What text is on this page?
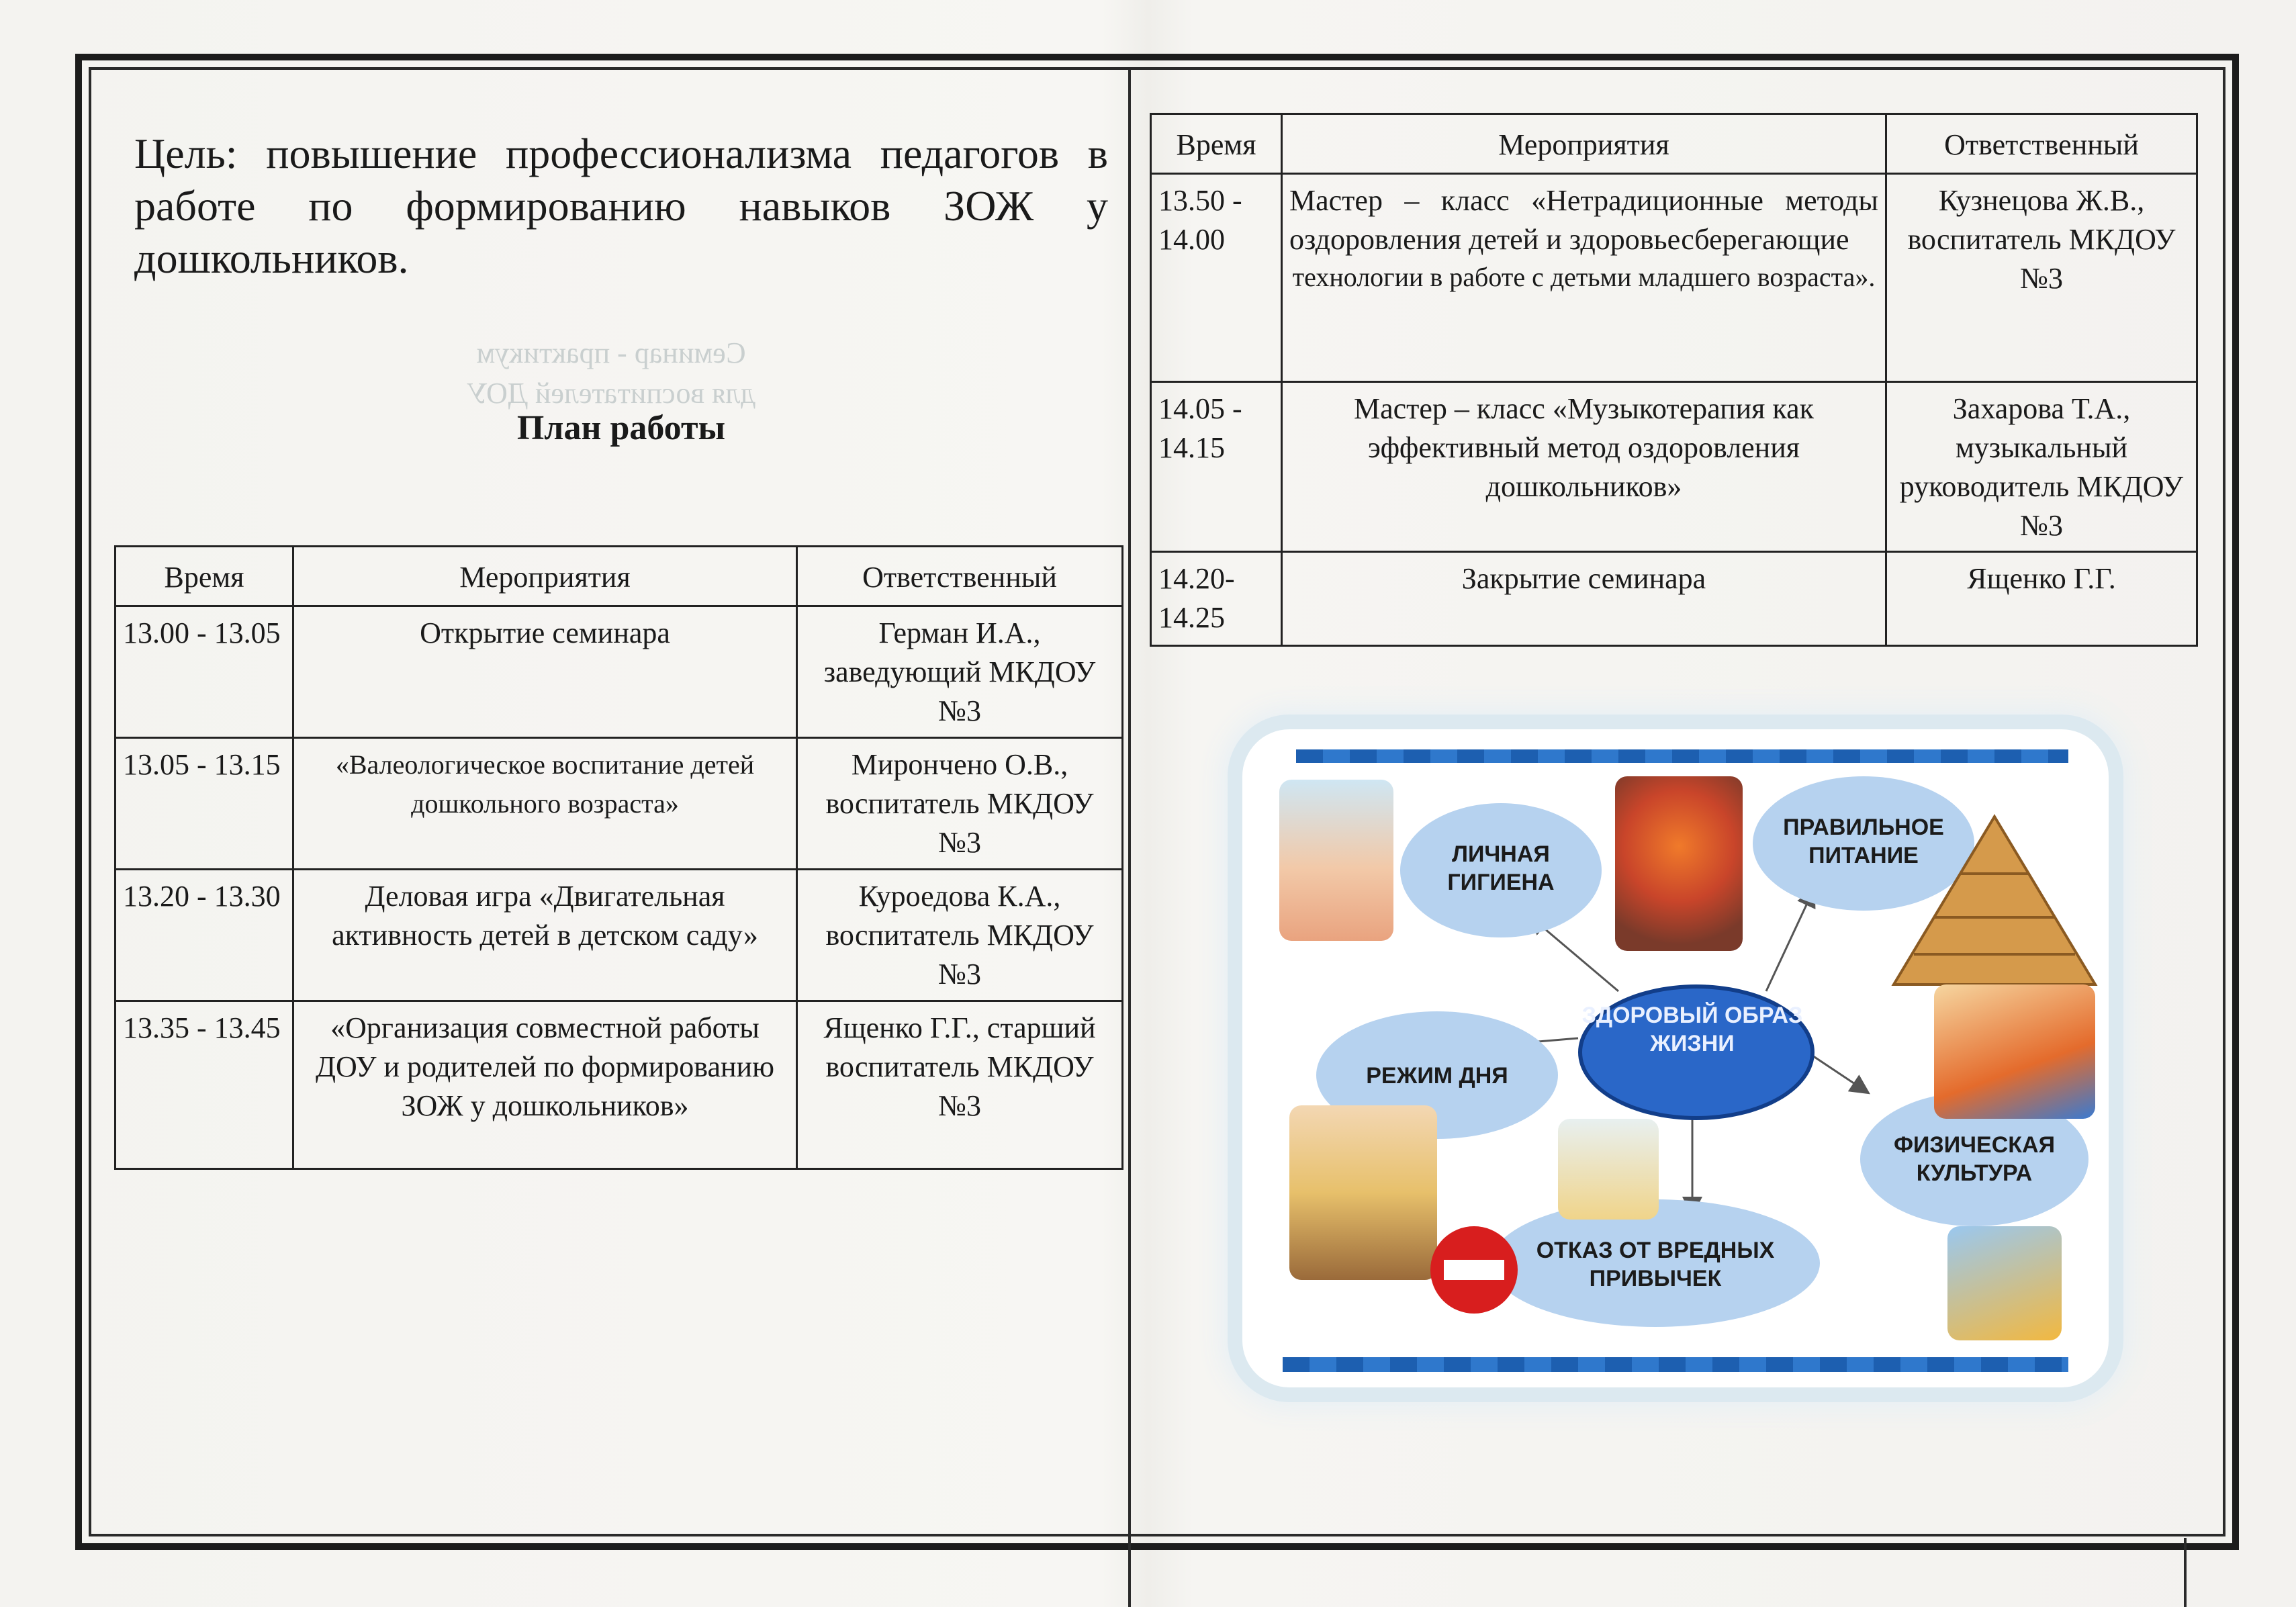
Семинар - практикум
для воспитателей ДОУ
Цель: повышение профессионализма педагогов в работе по формированию навыков ЗОЖ у дошкольников.
План работы
Время	Мероприятия	Ответственный
13.00 - 13.05	Открытие семинара	Герман И.А., заведующий МКДОУ №3
13.05 - 13.15	«Валеологическое воспитание детей дошкольного возраста»	Мирончено О.В., воспитатель МКДОУ №3
13.20 - 13.30	Деловая игра «Двигательная активность детей в детском саду»	Куроедова К.А., воспитатель МКДОУ №3
13.35 - 13.45	«Организация совместной работы ДОУ и родителей по формированию ЗОЖ у дошкольников»	Ященко Г.Г., старший воспитатель МКДОУ №3
Время	Мероприятия	Ответственный
13.50 - 14.00	Мастер – класс «Нетрадиционные методы оздоровления детей и здоровьесберегающие
технологии в работе с детьми младшего возраста».	Кузнецова Ж.В., воспитатель МКДОУ №3
14.05 - 14.15	Мастер – класс «Музыкотерапия как эффективный метод оздоровления дошкольников»	Захарова Т.А., музыкальный руководитель МКДОУ №3
14.20- 14.25	Закрытие семинара	Ященко Г.Г.
ЛИЧНАЯ ГИГИЕНА
ПРАВИЛЬНОЕ ПИТАНИЕ
РЕЖИМ ДНЯ
ФИЗИЧЕСКАЯ КУЛЬТУРА
ОТКАЗ ОТ ВРЕДНЫХ ПРИВЫЧЕК
ЗДОРОВЫЙ ОБРАЗ ЖИЗНИ
